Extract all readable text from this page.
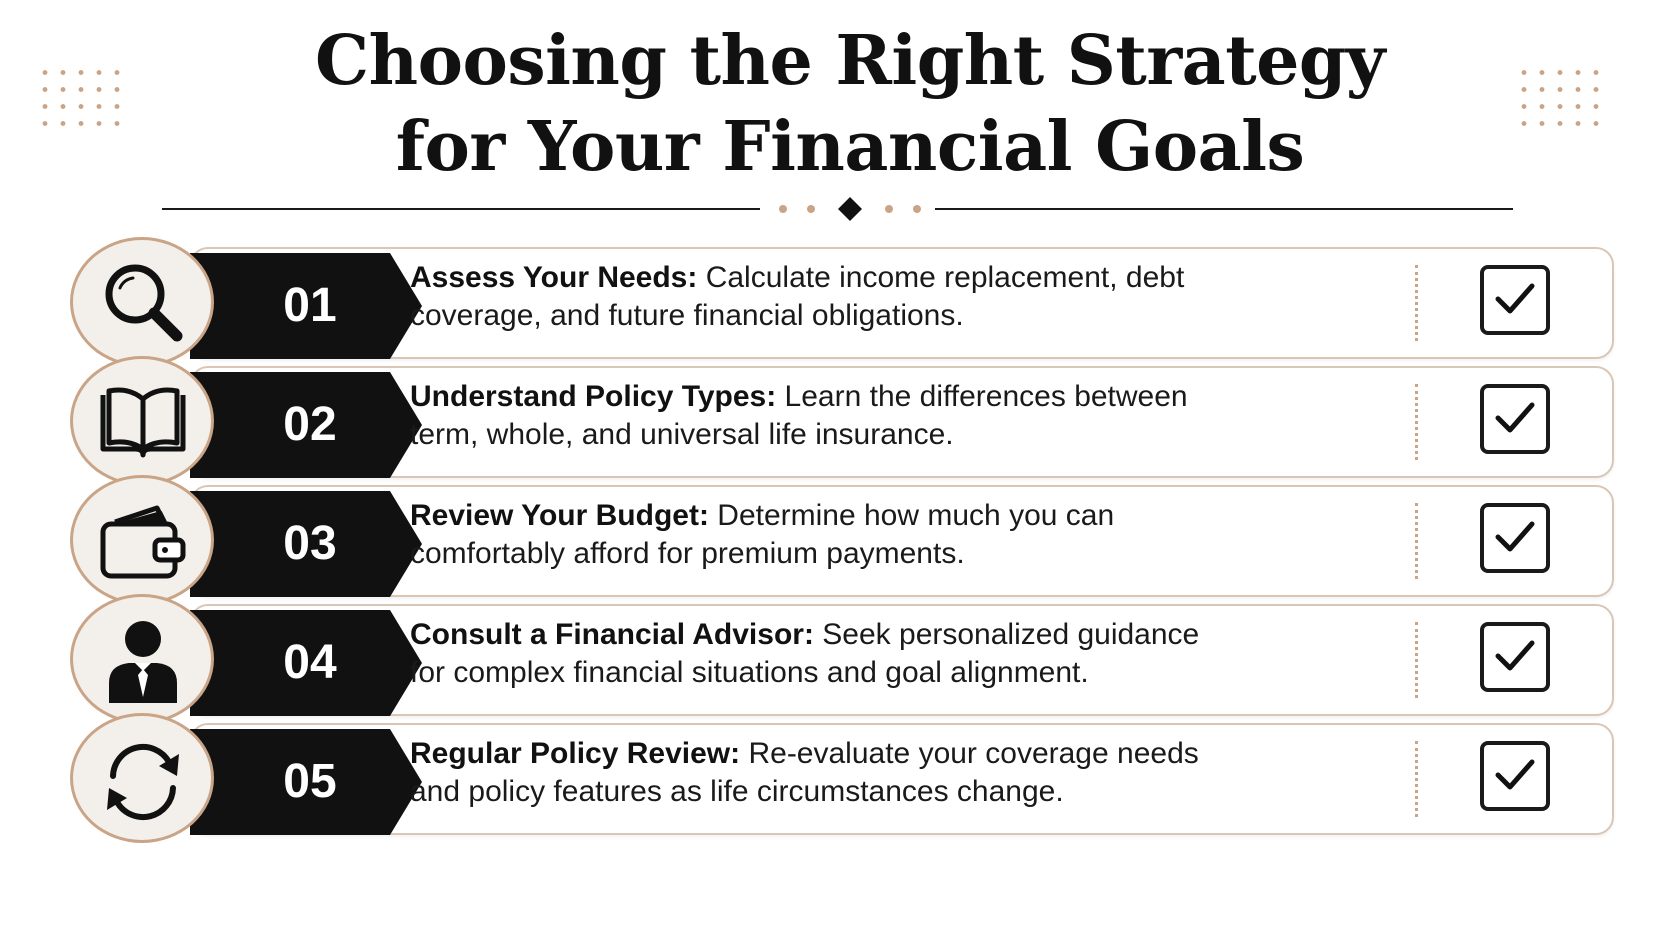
Choosing the Right Strategy
for Your Financial Goals
01
Assess Your Needs: Calculate income replacement, debt coverage, and future financial obligations.
02
Understand Policy Types: Learn the differences between term, whole, and universal life insurance.
03
Review Your Budget: Determine how much you can comfortably afford for premium payments.
04
Consult a Financial Advisor: Seek personalized guidance for complex financial situations and goal alignment.
05
Regular Policy Review: Re-evaluate your coverage needs and policy features as life circumstances change.
